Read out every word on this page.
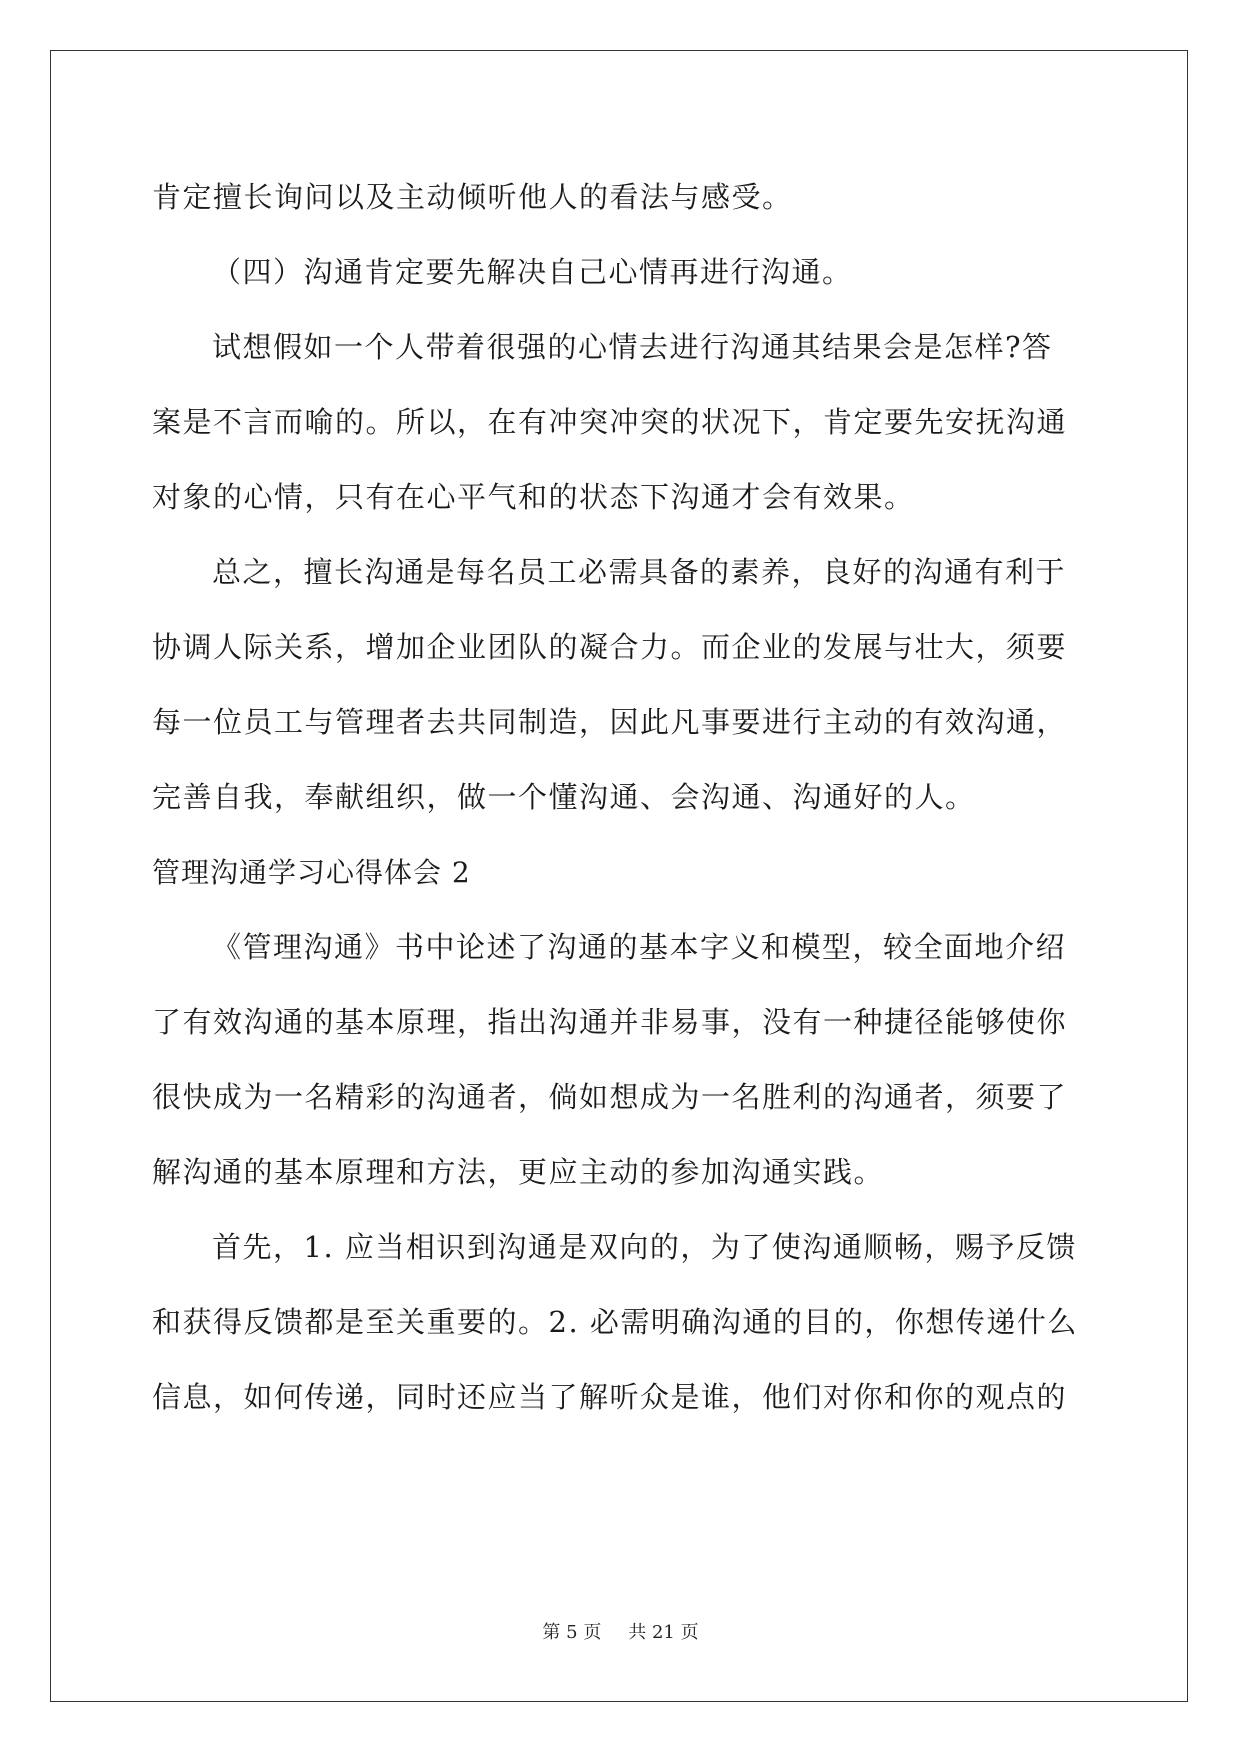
肯定擅长询问以及主动倾听他人的看法与感受。
（四）沟通肯定要先解决自己心情再进行沟通。
试想假如一个人带着很强的心情去进行沟通其结果会是怎样?答
案是不言而喻的。所以，在有冲突冲突的状况下，肯定要先安抚沟通
对象的心情，只有在心平气和的状态下沟通才会有效果。
总之，擅长沟通是每名员工必需具备的素养，良好的沟通有利于
协调人际关系，增加企业团队的凝合力。而企业的发展与壮大，须要
每一位员工与管理者去共同制造，因此凡事要进行主动的有效沟通，
完善自我，奉献组织，做一个懂沟通、会沟通、沟通好的人。
管理沟通学习心得体会 2
《管理沟通》书中论述了沟通的基本字义和模型，较全面地介绍
了有效沟通的基本原理，指出沟通并非易事，没有一种捷径能够使你
很快成为一名精彩的沟通者，倘如想成为一名胜利的沟通者，须要了
解沟通的基本原理和方法，更应主动的参加沟通实践。
首先，1. 应当相识到沟通是双向的，为了使沟通顺畅，赐予反馈
和获得反馈都是至关重要的。2. 必需明确沟通的目的，你想传递什么
信息，如何传递，同时还应当了解听众是谁，他们对你和你的观点的
第 5 页 共 21 页
